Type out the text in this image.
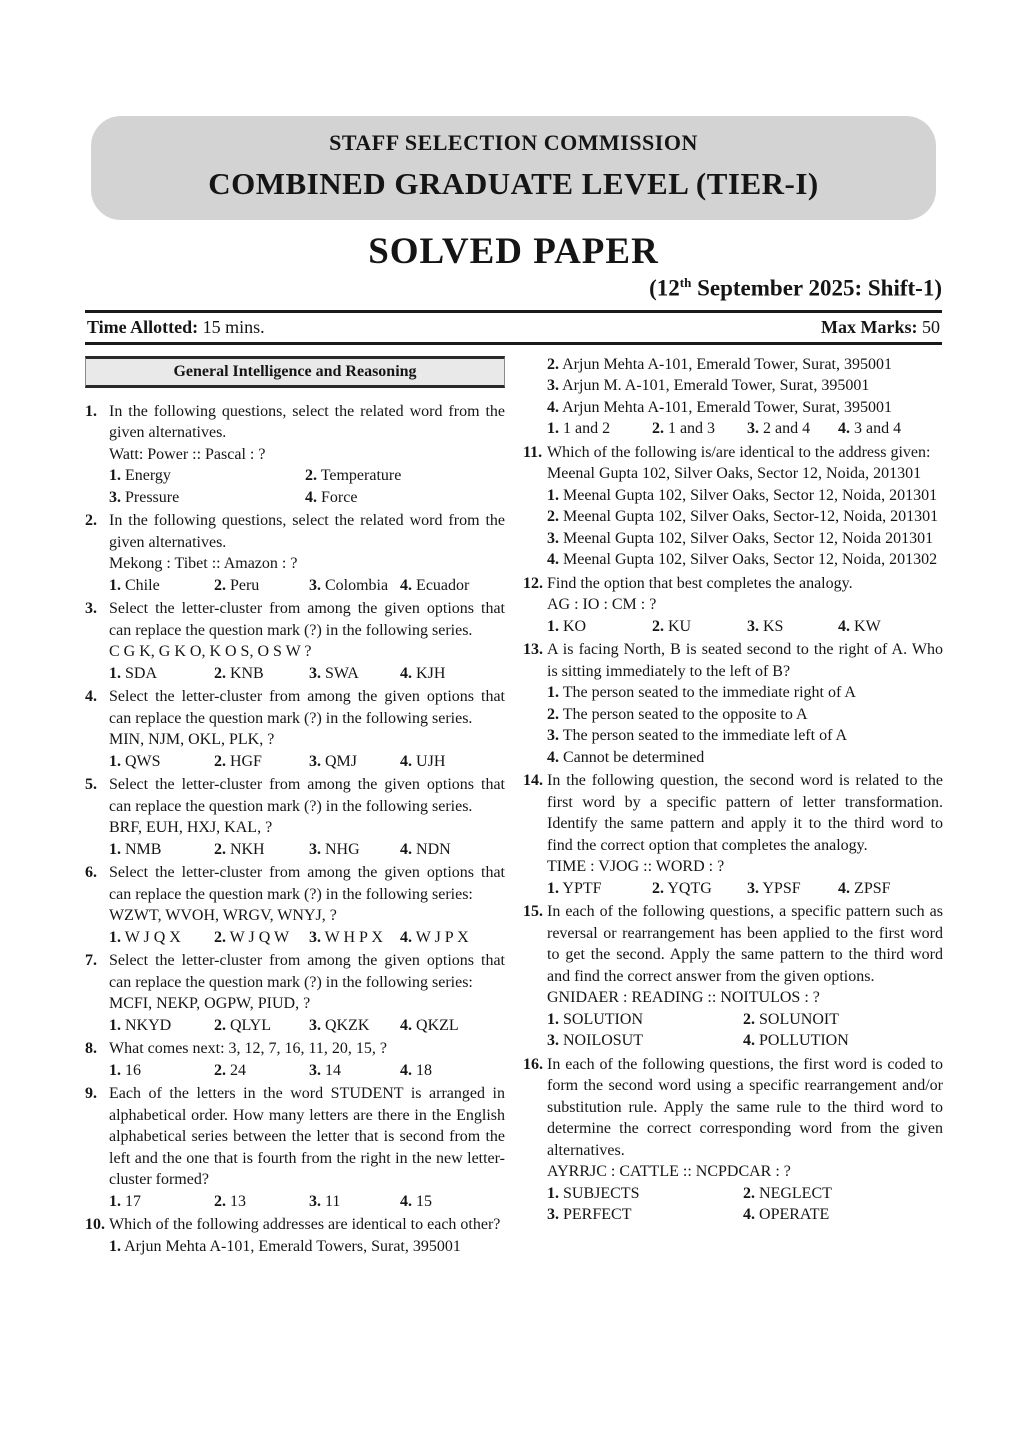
STAFF SELECTION COMMISSION
COMBINED GRADUATE LEVEL (TIER-I)
SOLVED PAPER
(12th September 2025: Shift-1)
Time Allotted: 15 mins.	Max Marks: 50
General Intelligence and Reasoning
1. In the following questions, select the related word from the given alternatives.

Watt: Power :: Pascal : ?

1. Energy	2. Temperature
3. Pressure	4. Force
2. In the following questions, select the related word from the given alternatives.

Mekong : Tibet :: Amazon : ?

1. Chile	2. Peru	3. Colombia 4. Ecuador
3. Select the letter-cluster from among the given options that can replace the question mark (?) in the following series.

C G K, G K O, K O S, O S W ?

1. SDA	2. KNB	3. SWA	4. KJH
4. Select the letter-cluster from among the given options that can replace the question mark (?) in the following series.

MIN, NJM, OKL, PLK, ?

1. QWS	2. HGF	3. QMJ	4. UJH
5. Select the letter-cluster from among the given options that can replace the question mark (?) in the following series.

BRF, EUH, HXJ, KAL, ?

1. NMB	2. NKH	3. NHG	4. NDN
6. Select the letter-cluster from among the given options that can replace the question mark (?) in the following series:

WZWT, WVOH, WRGV, WNYJ, ?

1. W J Q X	2. W J Q W	3. W H P X	4. W J P X
7. Select the letter-cluster from among the given options that can replace the question mark (?) in the following series:

MCFI, NEKP, OGPW, PIUD, ?

1. NKYD	2. QLYL	3. QKZK	4. QKZL
8. What comes next: 3, 12, 7, 16, 11, 20, 15, ?

1. 16	2. 24	3. 14	4. 18
9. Each of the letters in the word STUDENT is arranged in alphabetical order. How many letters are there in the English alphabetical series between the letter that is second from the left and the one that is fourth from the right in the new letter-cluster formed?

1. 17	2. 13	3. 11	4. 15
10. Which of the following addresses are identical to each other?

1. Arjun Mehta A-101, Emerald Towers, Surat, 395001

2. Arjun Mehta A-101, Emerald Tower, Surat, 395001

3. Arjun M. A-101, Emerald Tower, Surat, 395001

4. Arjun Mehta A-101, Emerald Tower, Surat, 395001

1. 1 and 2	2. 1 and 3	3. 2 and 4	4. 3 and 4
11. Which of the following is/are identical to the address given:

Meenal Gupta 102, Silver Oaks, Sector 12, Noida, 201301

1. Meenal Gupta 102, Silver Oaks, Sector 12, Noida, 201301

2. Meenal Gupta 102, Silver Oaks, Sector-12, Noida, 201301

3. Meenal Gupta 102, Silver Oaks, Sector 12, Noida 201301

4. Meenal Gupta 102, Silver Oaks, Sector 12, Noida, 201302

12. Find the option that best completes the analogy.

AG : IO : CM : ?

1. KO	2. KU	3. KS	4. KW
13. A is facing North, B is seated second to the right of A. Who is sitting immediately to the left of B?

1. The person seated to the immediate right of A

2. The person seated to the opposite to A

3. The person seated to the immediate left of A

4. Cannot be determined

14. In the following question, the second word is related to the first word by a specific pattern of letter transformation. Identify the same pattern and apply it to the third word to find the correct option that completes the analogy.

TIME : VJOG :: WORD : ?

1. YPTF	2. YQTG	3. YPSF	4. ZPSF
15. In each of the following questions, a specific pattern such as reversal or rearrangement has been applied to the first word to get the second. Apply the same pattern to the third word and find the correct answer from the given options.

GNIDAER : READING :: NOITULOS : ?

1. SOLUTION	2. SOLUNOIT
3. NOILOSUT	4. POLLUTION
16. In each of the following questions, the first word is coded to form the second word using a specific rearrangement and/or substitution rule. Apply the same rule to the third word to determine the correct corresponding word from the given alternatives.

AYRRJC : CATTLE :: NCPDCAR : ?

1. SUBJECTS	2. NEGLECT
3. PERFECT	4. OPERATE
